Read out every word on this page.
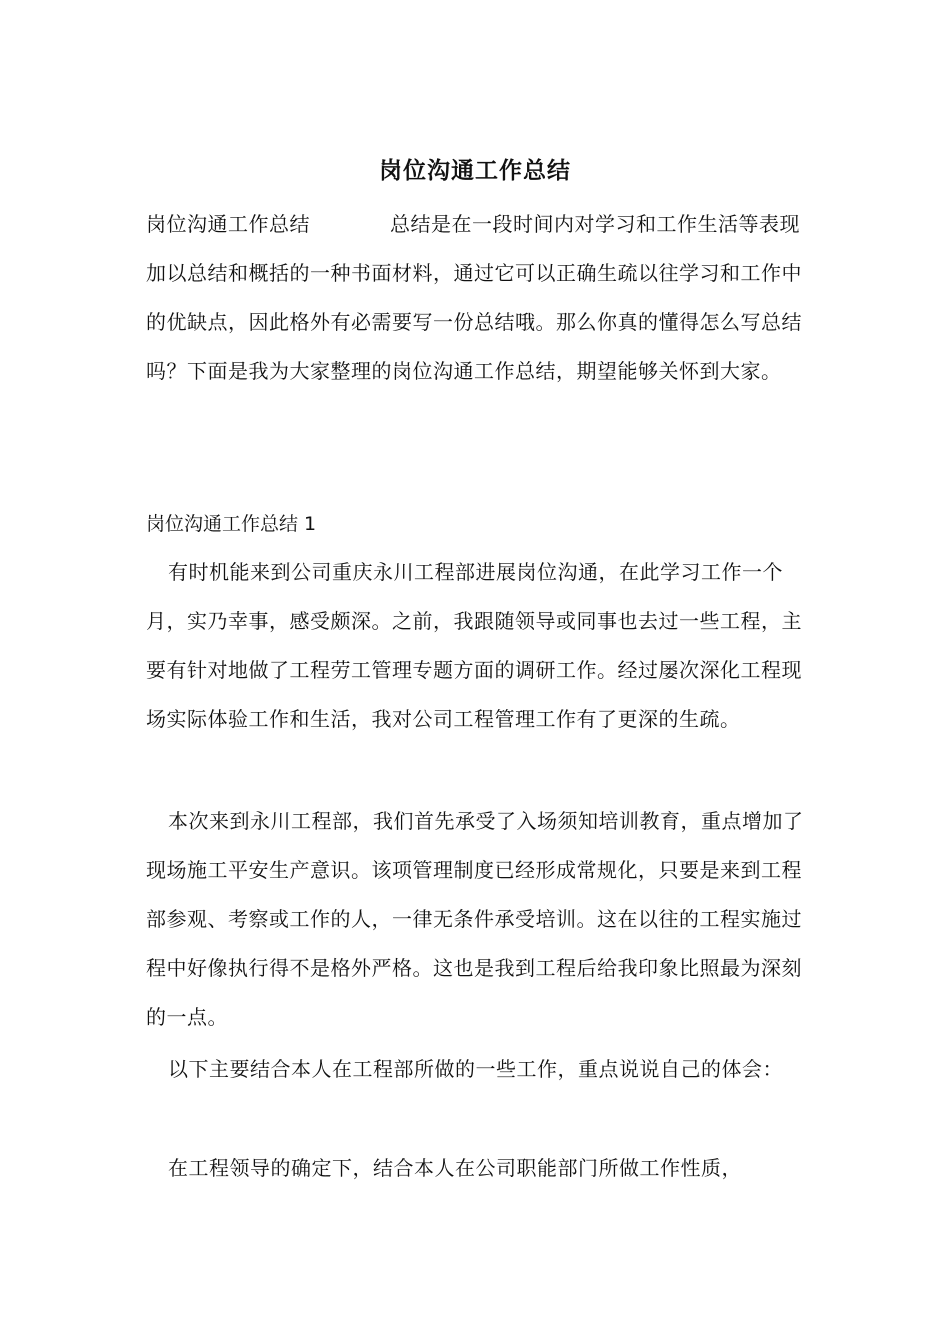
岗位沟通工作总结

岗位沟通工作总结	总结是在一段时间内对学习和工作生活等表现加以总结和概括的一种书面材料，通过它可以正确生疏以往学习和工作中的优缺点，因此格外有必需要写一份总结哦。那么你真的懂得怎么写总结吗？下面是我为大家整理的岗位沟通工作总结，期望能够关怀到大家。

岗位沟通工作总结 1

有时机能来到公司重庆永川工程部进展岗位沟通，在此学习工作一个月，实乃幸事，感受颇深。之前，我跟随领导或同事也去过一些工程，主要有针对地做了工程劳工管理专题方面的调研工作。经过屡次深化工程现场实际体验工作和生活，我对公司工程管理工作有了更深的生疏。

本次来到永川工程部，我们首先承受了入场须知培训教育，重点增加了现场施工平安生产意识。该项管理制度已经形成常规化，只要是来到工程部参观、考察或工作的人，一律无条件承受培训。这在以往的工程实施过程中好像执行得不是格外严格。这也是我到工程后给我印象比照最为深刻的一点。

以下主要结合本人在工程部所做的一些工作，重点说说自己的体会：

在工程领导的确定下，结合本人在公司职能部门所做工作性质，
